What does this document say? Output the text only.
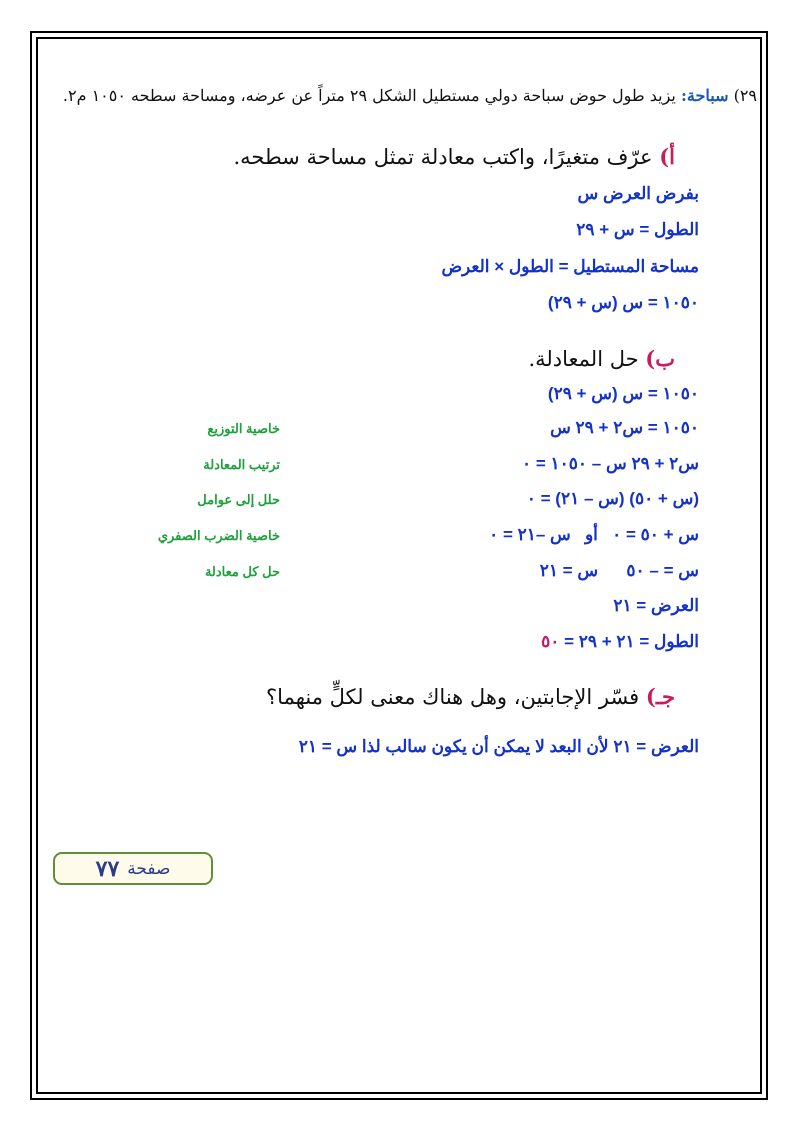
٢٩) سباحة: يزيد طول حوض سباحة دولي مستطيل الشكل ٢٩ متراً عن عرضه، ومساحة سطحه ١٠٥٠ م٢.
أ) عرّف متغيرًا، واكتب معادلة تمثل مساحة سطحه.
بفرض العرض س
الطول = س + ٢٩
مساحة المستطيل = الطول × العرض
١٠٥٠ = س (س + ٢٩)
ب) حل المعادلة.
١٠٥٠ = س (س + ٢٩)
١٠٥٠ = س٢ + ٢٩ س
خاصية التوزيع
س٢ + ٢٩ س – ١٠٥٠ = ٠
ترتيب المعادلة
(س + ٥٠) (س – ٢١) = ٠
حلل إلى عوامل
س + ٥٠ = ٠   أو   س –٢١ = ٠
خاصية الضرب الصفري
س = – ٥٠      س = ٢١
حل كل معادلة
العرض = ٢١
الطول = ٢١ + ٢٩ = ٥٠
جـ) فسّر الإجابتين، وهل هناك معنى لكلٍّ منهما؟
العرض = ٢١ لأن البعد لا يمكن أن يكون سالب لذا س = ٢١
صفحة
٧٧
